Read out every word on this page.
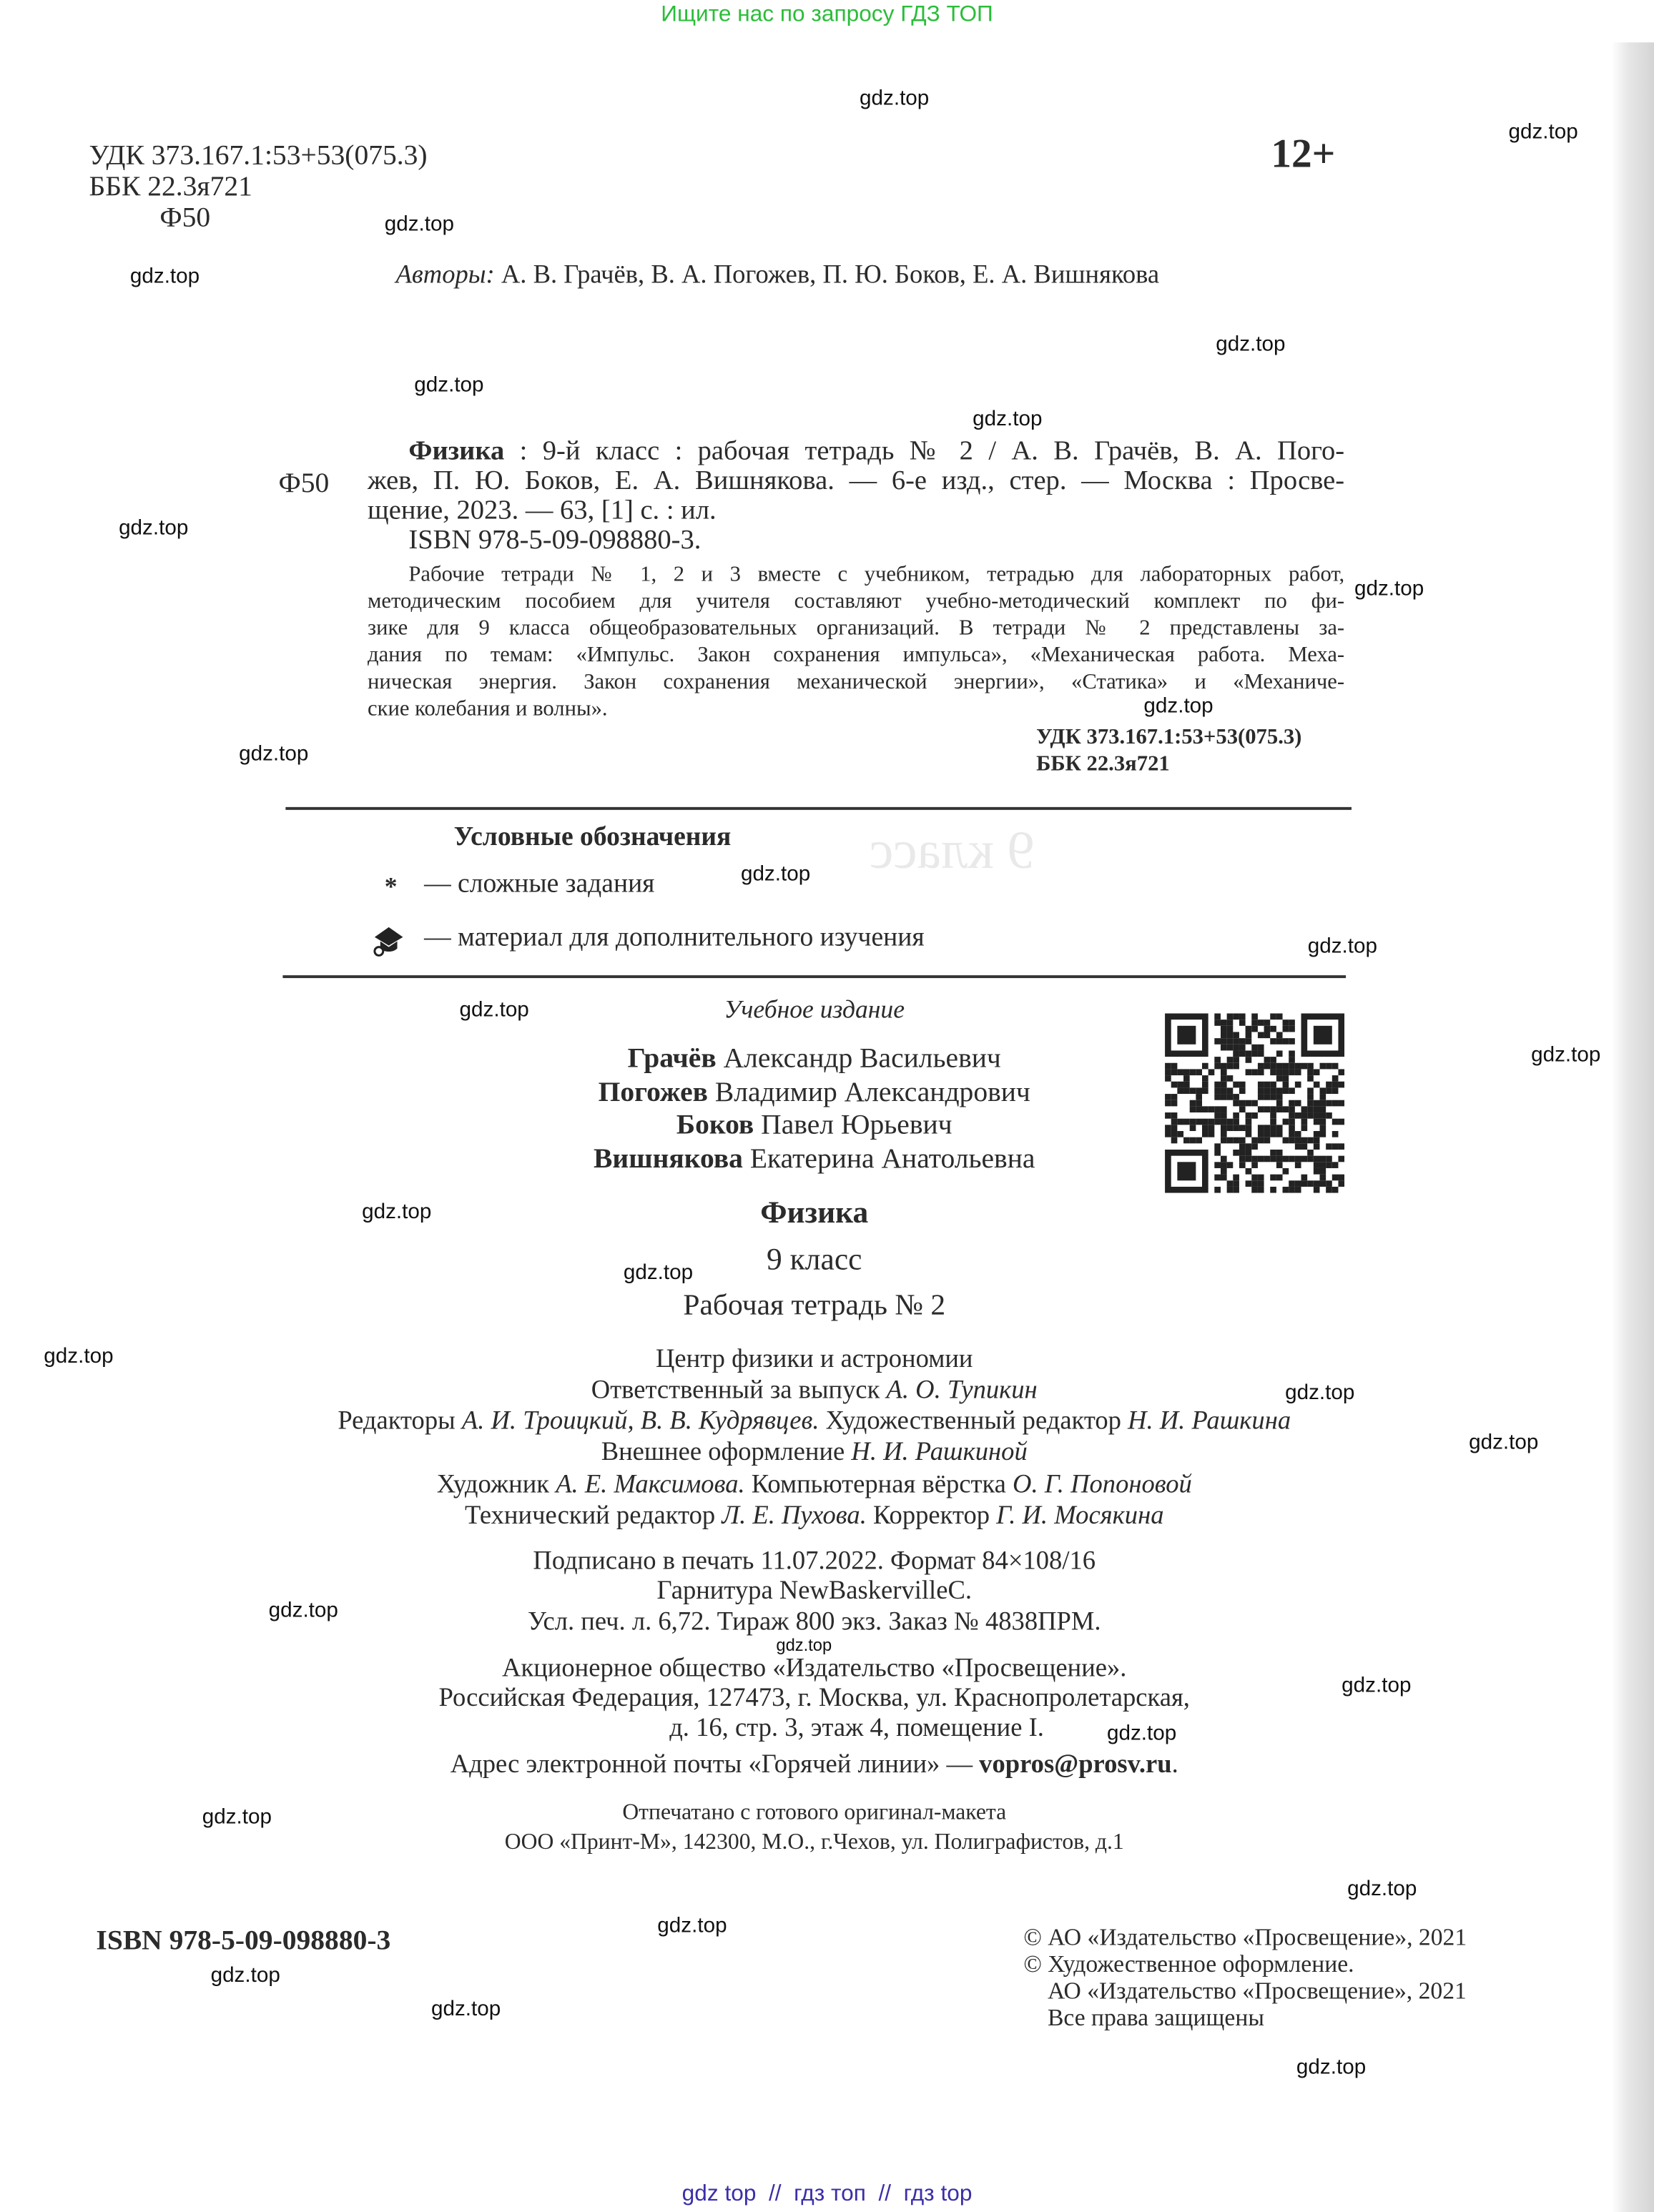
9 класс
Ищите нас по запросу ГДЗ ТОП
УДК 373.167.1:53+53(075.3)
ББК 22.3я721
Ф50
12+
Авторы: А. В. Грачёв, В. А. Погожев, П. Ю. Боков, Е. А. Вишнякова
Ф50
Физика : 9-й класс : рабочая тетрадь № 2 / А. В. Грачёв, В. А. Пого-
жев, П. Ю. Боков, Е. А. Вишнякова. — 6-е изд., стер. — Москва : Просве-
щение, 2023. — 63, [1] с. : ил.
ISBN 978-5-09-098880-3.
Рабочие тетради № 1, 2 и 3 вместе с учебником, тетрадью для лабораторных работ,
методическим пособием для учителя составляют учебно-методический комплект по фи-
зике для 9 класса общеобразовательных организаций. В тетради № 2 представлены за-
дания по темам: «Импульс. Закон сохранения импульса», «Механическая работа. Меха-
ническая энергия. Закон сохранения механической энергии», «Статика» и «Механиче-
ские колебания и волны».
УДК 373.167.1:53+53(075.3)
ББК 22.3я721
Условные обозначения
* — сложные задания
— материал для дополнительного изучения
Учебное издание
Грачёв Александр Васильевич
Погожев Владимир Александрович
Боков Павел Юрьевич
Вишнякова Екатерина Анатольевна
Физика
9 класс
Рабочая тетрадь № 2
Центр физики и астрономии
Ответственный за выпуск А. О. Тупикин
Редакторы А. И. Троицкий, В. В. Кудрявцев. Художественный редактор Н. И. Рашкина
Внешнее оформление Н. И. Рашкиной
Художник А. Е. Максимова. Компьютерная вёрстка О. Г. Попоновой
Технический редактор Л. Е. Пухова. Корректор Г. И. Мосякина
Подписано в печать 11.07.2022. Формат 84×108/16
Гарнитура NewBaskervilleC.
Усл. печ. л. 6,72. Тираж 800 экз. Заказ № 4838ПРМ.
Акционерное общество «Издательство «Просвещение».
Российская Федерация, 127473, г. Москва, ул. Краснопролетарская,
д. 16, стр. 3, этаж 4, помещение I.
Адрес электронной почты «Горячей линии» — vopros@prosv.ru.
Отпечатано с готового оригинал-макета
ООО «Принт-М», 142300, М.О., г.Чехов, ул. Полиграфистов, д.1
ISBN 978-5-09-098880-3	© АО «Издательство «Просвещение», 2021
© Художественное оформление.
АО «Издательство «Просвещение», 2021
Все права защищены
gdz top  //  гдз топ  //  гдз top
gdz.top
gdz.top
gdz.top
gdz.top
gdz.top
gdz.top
gdz.top
gdz.top
gdz.top
gdz.top
gdz.top
gdz.top
gdz.top
gdz.top
gdz.top
gdz.top
gdz.top
gdz.top
gdz.top
gdz.top
gdz.top
gdz.top
gdz.top
gdz.top
gdz.top
gdz.top
gdz.top
gdz.top
gdz.top
gdz.top
